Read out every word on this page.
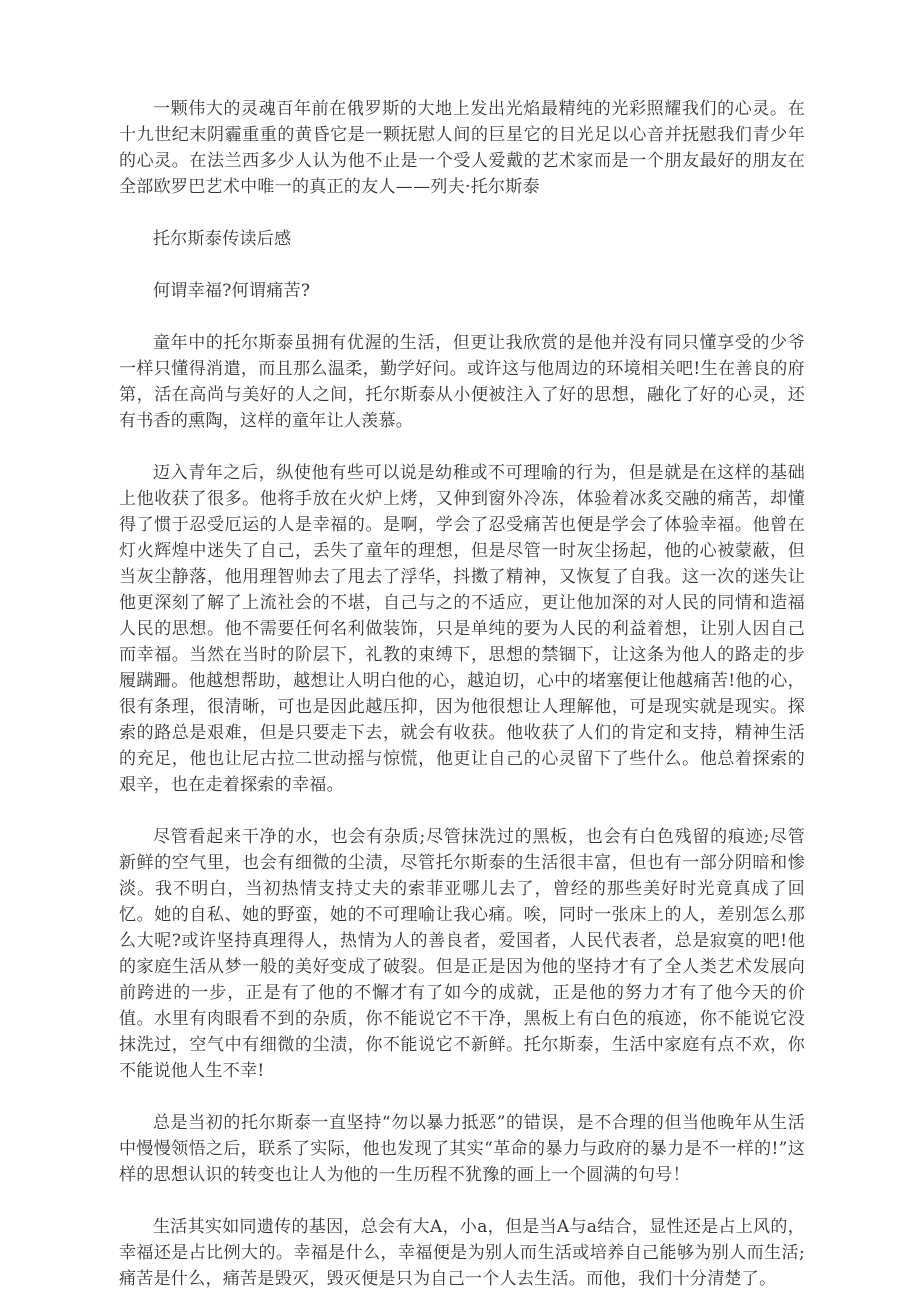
一颗伟大的灵魂百年前在俄罗斯的大地上发出光焰最精纯的光彩照耀我们的心灵。在十九世纪末阴霾重重的黄昏它是一颗抚慰人间的巨星它的目光足以心音并抚慰我们青少年的心灵。在法兰西多少人认为他不止是一个受人爱戴的艺术家而是一个朋友最好的朋友在全部欧罗巴艺术中唯一的真正的友人——列夫·托尔斯泰

托尔斯泰传读后感

何谓幸福?何谓痛苦?

童年中的托尔斯泰虽拥有优渥的生活，但更让我欣赏的是他并没有同只懂享受的少爷一样只懂得消遣，而且那么温柔，勤学好问。或许这与他周边的环境相关吧!生在善良的府第，活在高尚与美好的人之间，托尔斯泰从小便被注入了好的思想，融化了好的心灵，还有书香的熏陶，这样的童年让人羡慕。

迈入青年之后，纵使他有些可以说是幼稚或不可理喻的行为，但是就是在这样的基础上他收获了很多。他将手放在火炉上烤，又伸到窗外冷冻，体验着冰炙交融的痛苦，却懂得了惯于忍受厄运的人是幸福的。是啊，学会了忍受痛苦也便是学会了体验幸福。他曾在灯火辉煌中迷失了自己，丢失了童年的理想，但是尽管一时灰尘扬起，他的心被蒙蔽，但当灰尘静落，他用理智帅去了甩去了浮华，抖擞了精神，又恢复了自我。这一次的迷失让他更深刻了解了上流社会的不堪，自己与之的不适应，更让他加深的对人民的同情和造福人民的思想。他不需要任何名利做装饰，只是单纯的要为人民的利益着想，让别人因自己而幸福。当然在当时的阶层下，礼教的束缚下，思想的禁锢下，让这条为他人的路走的步履蹒跚。他越想帮助，越想让人明白他的心，越迫切，心中的堵塞便让他越痛苦!他的心，很有条理，很清晰，可也是因此越压抑，因为他很想让人理解他，可是现实就是现实。探索的路总是艰难，但是只要走下去，就会有收获。他收获了人们的肯定和支持，精神生活的充足，他也让尼古拉二世动摇与惊慌，他更让自己的心灵留下了些什么。他总着探索的艰辛，也在走着探索的幸福。

尽管看起来干净的水，也会有杂质;尽管抹洗过的黑板，也会有白色残留的痕迹;尽管新鲜的空气里，也会有细微的尘渍，尽管托尔斯泰的生活很丰富，但也有一部分阴暗和惨淡。我不明白，当初热情支持丈夫的索菲亚哪儿去了，曾经的那些美好时光竟真成了回忆。她的自私、她的野蛮，她的不可理喻让我心痛。唉，同时一张床上的人，差别怎么那么大呢?或许坚持真理得人，热情为人的善良者，爱国者，人民代表者，总是寂寞的吧!他的家庭生活从梦一般的美好变成了破裂。但是正是因为他的坚持才有了全人类艺术发展向前跨进的一步，正是有了他的不懈才有了如今的成就，正是他的努力才有了他今天的价值。水里有肉眼看不到的杂质，你不能说它不干净，黑板上有白色的痕迹，你不能说它没抹洗过，空气中有细微的尘渍，你不能说它不新鲜。托尔斯泰，生活中家庭有点不欢，你不能说他人生不幸!

总是当初的托尔斯泰一直坚持“勿以暴力抵恶”的错误，是不合理的但当他晚年从生活中慢慢领悟之后，联系了实际，他也发现了其实“革命的暴力与政府的暴力是不一样的!”这样的思想认识的转变也让人为他的一生历程不犹豫的画上一个圆满的句号！

生活其实如同遗传的基因，总会有大A，小a，但是当A与a结合，显性还是占上风的，幸福还是占比例大的。幸福是什么，幸福便是为别人而生活或培养自己能够为别人而生活;痛苦是什么，痛苦是毁灭，毁灭便是只为自己一个人去生活。而他，我们十分清楚了。
